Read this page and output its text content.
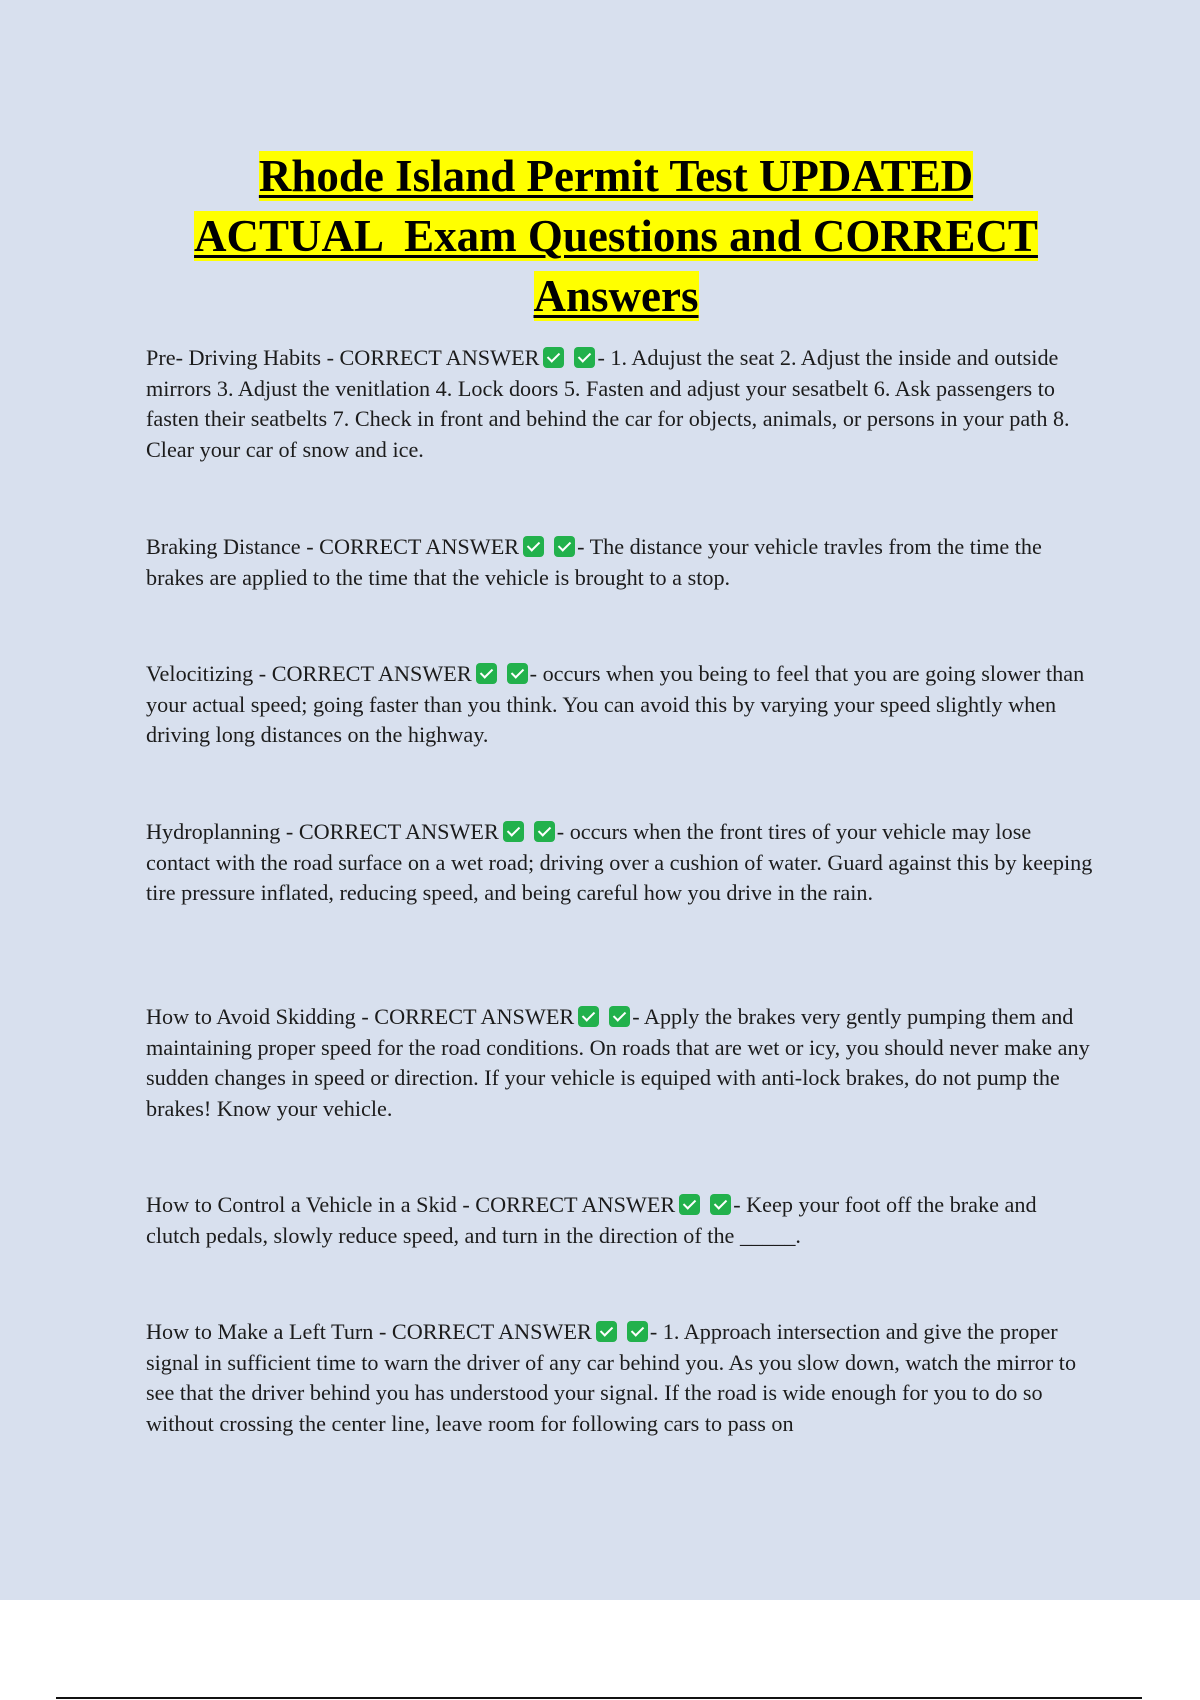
Rhode Island Permit Test UPDATED
ACTUAL  Exam Questions and CORRECT
Answers

Pre- Driving Habits - CORRECT ANSWER	- 1. Adujust the seat 2. Adjust the inside and outside mirrors 3. Adjust the venitlation 4. Lock doors 5. Fasten and adjust your sesatbelt 6. Ask passengers to fasten their seatbelts 7. Check in front and behind the car for objects, animals, or persons in your path 8. Clear your car of snow and ice.

Braking Distance - CORRECT ANSWER	- The distance your vehicle travles from the time the brakes are applied to the time that the vehicle is brought to a stop.

Velocitizing - CORRECT ANSWER	- occurs when you being to feel that you are going slower than your actual speed; going faster than you think. You can avoid this by varying your speed slightly when driving long distances on the highway.

Hydroplanning - CORRECT ANSWER	- occurs when the front tires of your vehicle may lose contact with the road surface on a wet road; driving over a cushion of water. Guard against this by keeping tire pressure inflated, reducing speed, and being careful how you drive in the rain.

How to Avoid Skidding - CORRECT ANSWER	- Apply the brakes very gently pumping them and maintaining proper speed for the road conditions. On roads that are wet or icy, you should never make any sudden changes in speed or direction. If your vehicle is equiped with anti-lock brakes, do not pump the brakes! Know your vehicle.

How to Control a Vehicle in a Skid - CORRECT ANSWER	- Keep your foot off the brake and clutch pedals, slowly reduce speed, and turn in the direction of the _____.

How to Make a Left Turn - CORRECT ANSWER	- 1. Approach intersection and give the proper signal in sufficient time to warn the driver of any car behind you. As you slow down, watch the mirror to see that the driver behind you has understood your signal. If the road is wide enough for you to do so without crossing the center line, leave room for following cars to pass on
